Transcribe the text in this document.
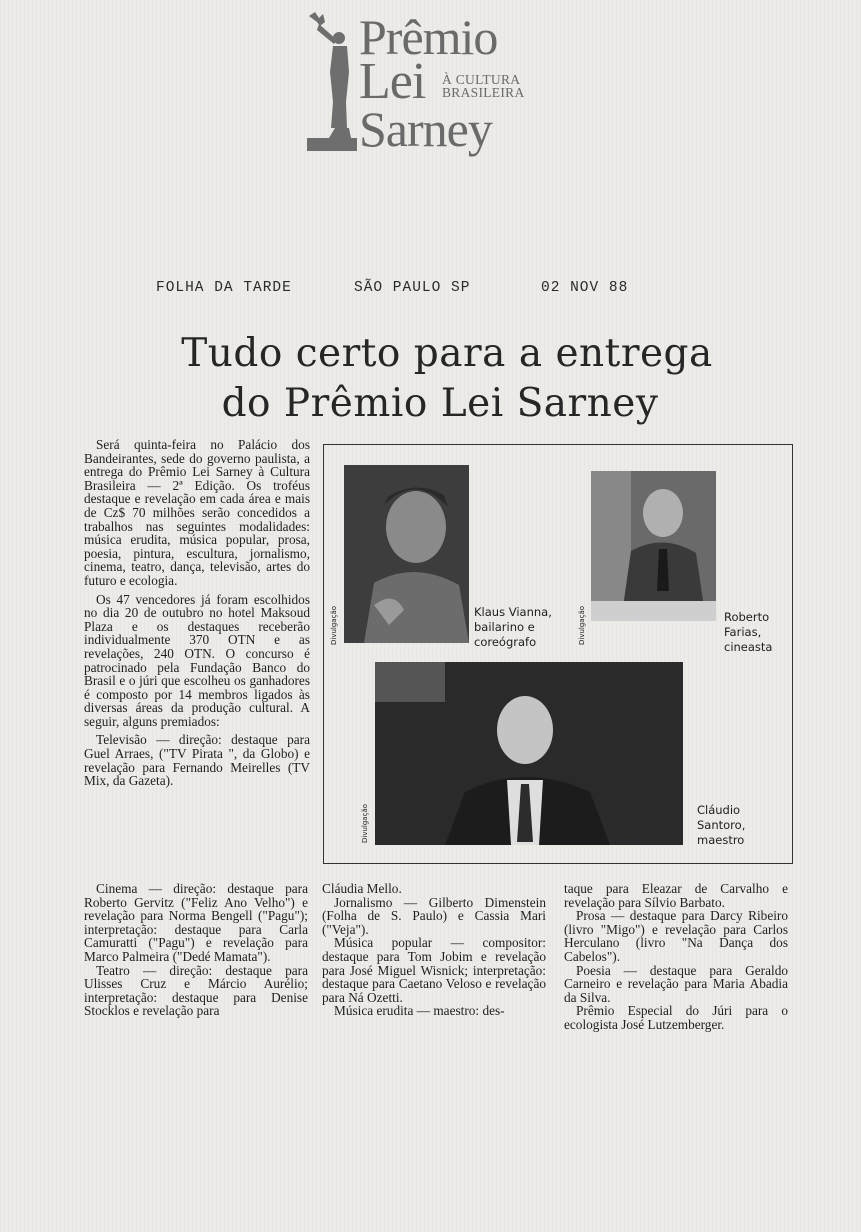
Prêmio
Lei
Sarney
À CULTURA
BRASILEIRA
FOLHA DA TARDE	SÃO PAULO SP	02 NOV 88
Tudo certo para a entrega
do Prêmio Lei Sarney

Será quinta-feira no Palácio dos Bandeirantes, sede do governo paulista, a entrega do Prêmio Lei Sarney à Cultura Brasileira — 2ª Edição. Os troféus destaque e revelação em cada área e mais de Cz$ 70 milhões serão concedidos a trabalhos nas seguintes modalidades: música erudita, música popular, prosa, poesia, pintura, escultura, jornalismo, cinema, teatro, dança, televisão, artes do futuro e ecologia.

Os 47 vencedores já foram escolhidos no dia 20 de outubro no hotel Maksoud Plaza e os destaques receberão individualmente 370 OTN e as revelações, 240 OTN. O concurso é patrocinado pela Fundação Banco do Brasil e o júri que escolheu os ganhadores é composto por 14 membros ligados às diversas áreas da produção cultural. A seguir, alguns premiados:

Televisão — direção: destaque para Guel Arraes, ("TV Pirata ", da Globo) e revelação para Fernando Meirelles (TV Mix, da Gazeta).

Klaus Vianna,
bailarino e
coreógrafo
Roberto
Farias,
cineasta
Cláudio
Santoro,
maestro
Divulgação	Divulgação
Divulgação

Cinema — direção: destaque para Roberto Gervitz ("Feliz Ano Velho") e revelação para Norma Bengell ("Pagu"); interpretação: destaque para Carla Camuratti ("Pagu") e revelação para Marco Palmeira ("Dedé Mamata").

Teatro — direção: destaque para Ulisses Cruz e Márcio Aurélio; interpretação: destaque para Denise Stocklos e revelação para

Cláudia Mello.

Jornalismo — Gilberto Dimenstein (Folha de S. Paulo) e Cassia Mari ("Veja").

Música popular — compositor: destaque para Tom Jobim e revelação para José Miguel Wisnick; interpretação: destaque para Caetano Veloso e revelação para Ná Ozetti.

Música erudita — maestro: des-

taque para Eleazar de Carvalho e revelação para Sílvio Barbato.

Prosa — destaque para Darcy Ribeiro (livro "Migo") e revelação para Carlos Herculano (livro "Na Dança dos Cabelos").

Poesia — destaque para Geraldo Carneiro e revelação para Maria Abadia da Silva.

Prêmio Especial do Júri para o ecologista José Lutzemberger.
